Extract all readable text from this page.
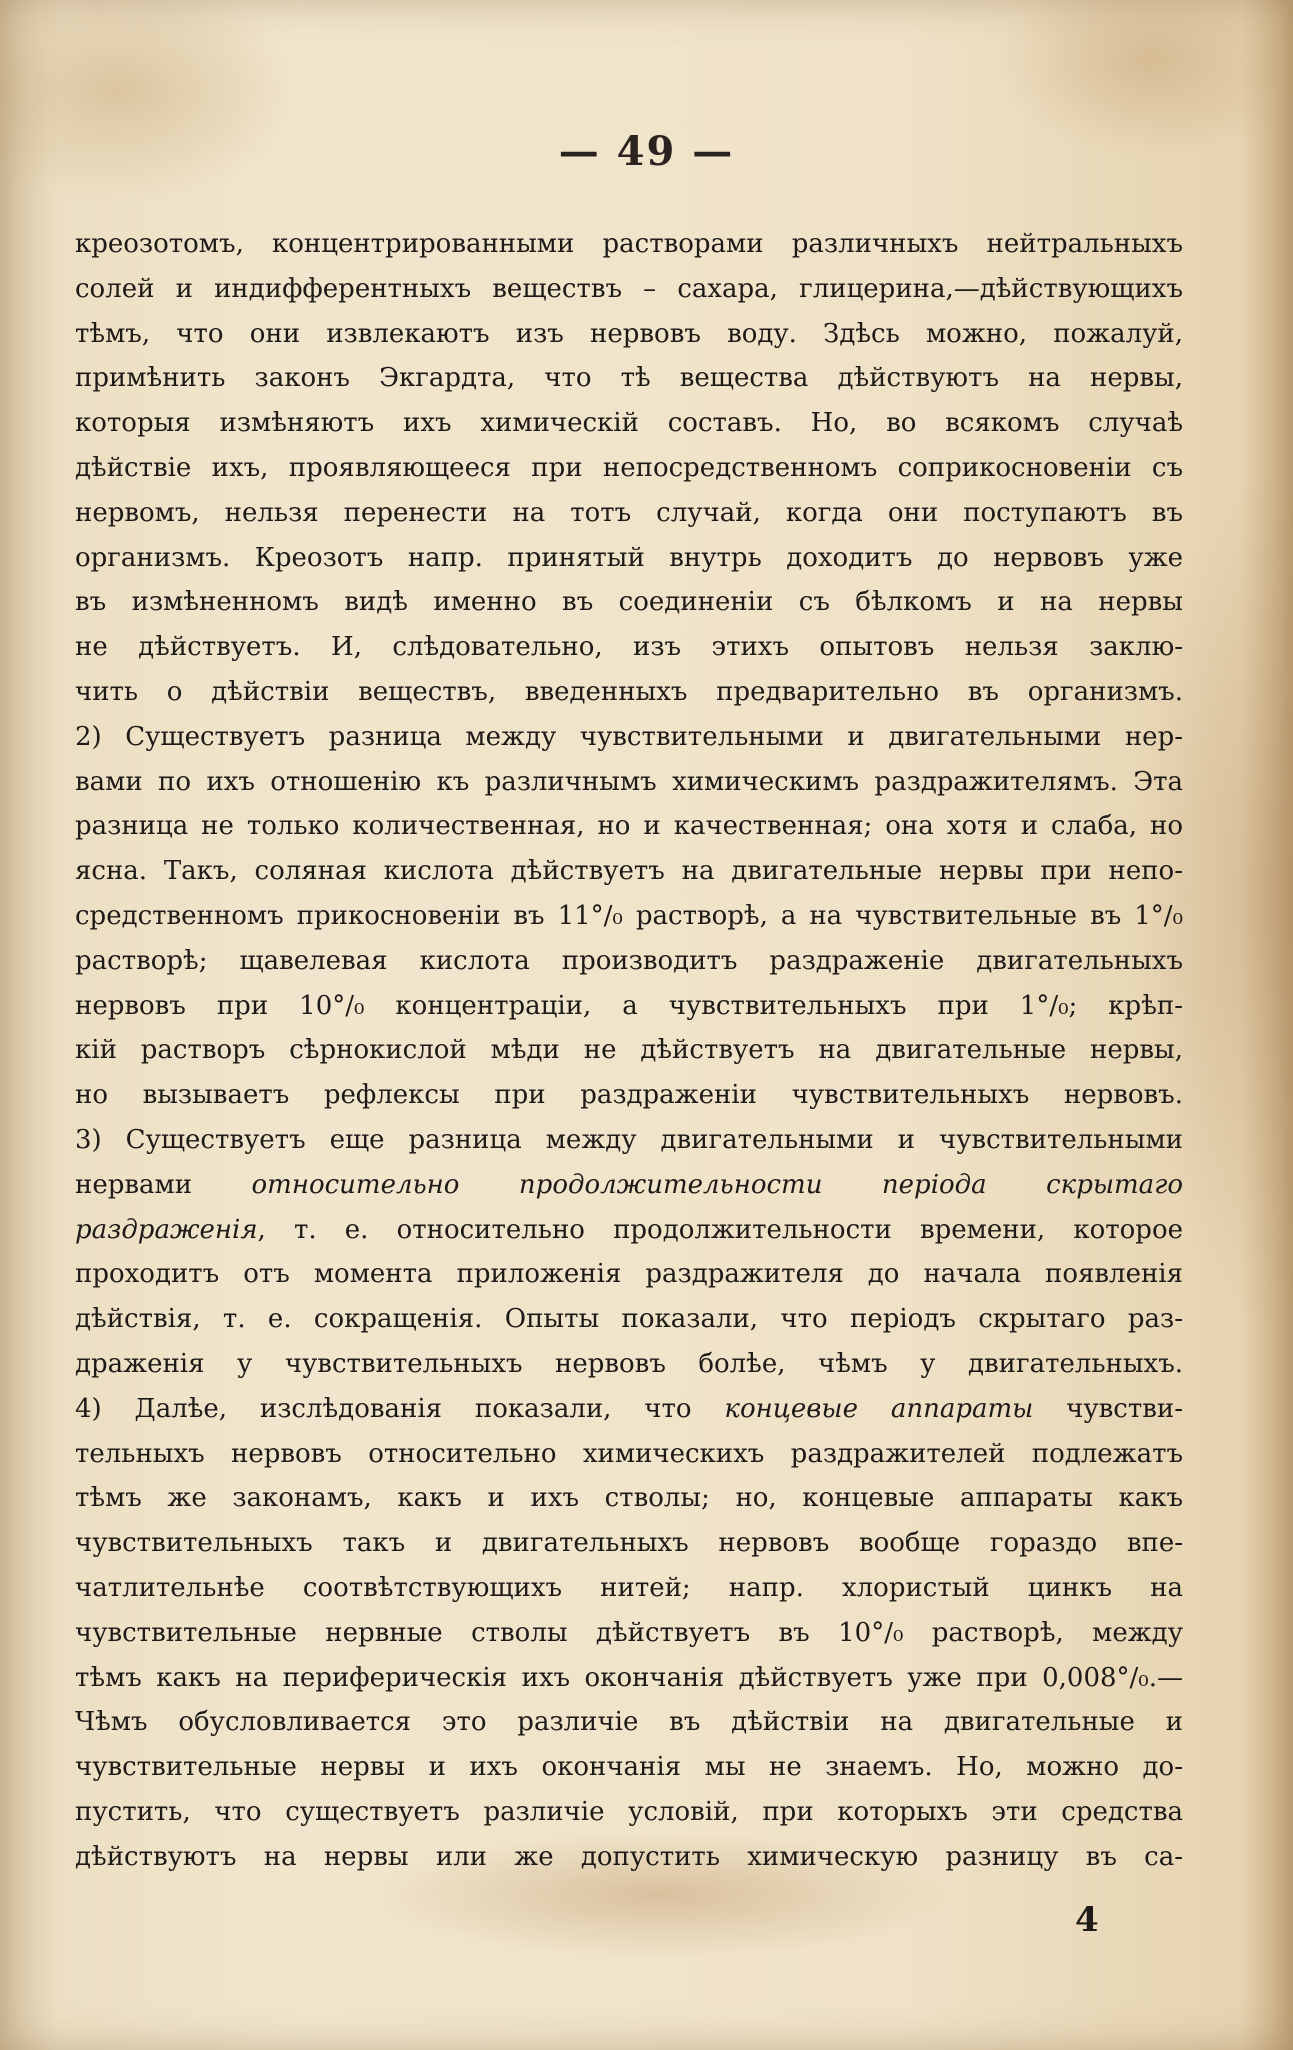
— 49 —
креозотомъ, концентрированными растворами различныхъ нейтральныхъ
солей и индифферентныхъ веществъ – сахара, глицерина,—дѣйствующихъ
тѣмъ, что они извлекаютъ изъ нервовъ воду. Здѣсь можно, пожалуй,
примѣнить законъ Экгардта, что тѣ вещества дѣйствуютъ на нервы,
которыя измѣняютъ ихъ химическій составъ. Но, во всякомъ случаѣ
дѣйствіе ихъ, проявляющееся при непосредственномъ соприкосновеніи съ
нервомъ, нельзя перенести на тотъ случай, когда они поступаютъ въ
организмъ. Креозотъ напр. принятый внутрь доходитъ до нервовъ уже
въ измѣненномъ видѣ именно въ соединеніи съ бѣлкомъ и на нервы
не дѣйствуетъ. И, слѣдовательно, изъ этихъ опытовъ нельзя заклю-
чить о дѣйствіи веществъ, введенныхъ предварительно въ организмъ.
2) Существуетъ разница между чувствительными и двигательными нер-
вами по ихъ отношенію къ различнымъ химическимъ раздражителямъ. Эта
разница не только количественная, но и качественная; она хотя и слаба, но
ясна. Такъ, соляная кислота дѣйствуетъ на двигательные нервы при непо-
средственномъ прикосновеніи въ 11°/₀ растворѣ, а на чувствительные въ 1°/₀
растворѣ; щавелевая кислота производитъ раздраженіе двигательныхъ
нервовъ при 10°/₀ концентраціи, а чувствительныхъ при 1°/₀; крѣп-
кій растворъ сѣрнокислой мѣди не дѣйствуетъ на двигательные нервы,
но вызываетъ рефлексы при раздраженіи чувствительныхъ нервовъ.
3) Существуетъ еще разница между двигательными и чувствительными
нервами относительно продолжительности періода скрытаго
раздраженія, т. е. относительно продолжительности времени, которое
проходитъ отъ момента приложенія раздражителя до начала появленія
дѣйствія, т. е. сокращенія. Опыты показали, что періодъ скрытаго раз-
драженія у чувствительныхъ нервовъ болѣе, чѣмъ у двигательныхъ.
4) Далѣе, изслѣдованія показали, что концевые аппараты чувстви-
тельныхъ нервовъ относительно химическихъ раздражителей подлежатъ
тѣмъ же законамъ, какъ и ихъ стволы; но, концевые аппараты какъ
чувствительныхъ такъ и двигательныхъ нервовъ вообще гораздо впе-
чатлительнѣе соотвѣтствующихъ нитей; напр. хлористый цинкъ на
чувствительные нервные стволы дѣйствуетъ въ 10°/₀ растворѣ, между
тѣмъ какъ на периферическія ихъ окончанія дѣйствуетъ уже при 0,008°/₀.—
Чѣмъ обусловливается это различіе въ дѣйствіи на двигательные и
чувствительные нервы и ихъ окончанія мы не знаемъ. Но, можно до-
пустить, что существуетъ различіе условій, при которыхъ эти средства
дѣйствуютъ на нервы или же допустить химическую разницу въ са-
4
